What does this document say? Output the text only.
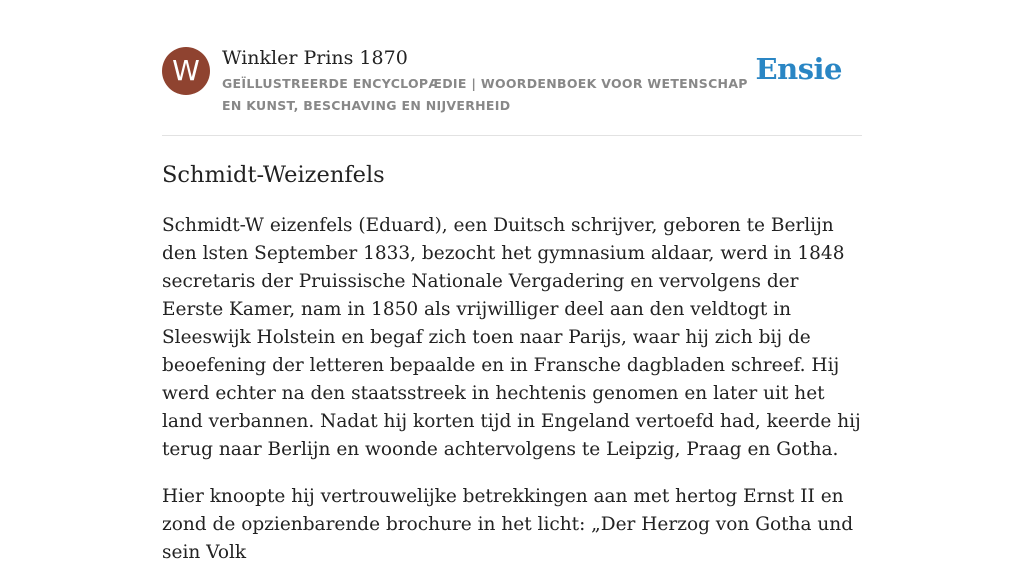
W	Winkler Prins 1870
GEÏLLUSTREERDE ENCYCLOPÆDIE | WOORDENBOEK VOOR WETENSCHAP EN KUNST, BESCHAVING EN NIJVERHEID
Ensie
Schmidt-Weizenfels

Schmidt-W eizenfels (Eduard), een Duitsch schrijver, geboren te Berlijn den lsten September 1833, bezocht het gymnasium aldaar, werd in 1848 secretaris der Pruissische Nationale Vergadering en vervolgens der Eerste Kamer, nam in 1850 als vrijwilliger deel aan den veldtogt in Sleeswijk Holstein en begaf zich toen naar Parijs, waar hij zich bij de beoefening der letteren bepaalde en in Fransche dagbladen schreef. Hij werd echter na den staatsstreek in hechtenis genomen en later uit het land verbannen. Nadat hij korten tijd in Engeland vertoefd had, keerde hij terug naar Berlijn en woonde achtervolgens te Leipzig, Praag en Gotha.

Hier knoopte hij vertrouwelijke betrekkingen aan met hertog Ernst II en zond de opzienbarende brochure in het licht: „Der Herzog von Gotha und sein Volk
